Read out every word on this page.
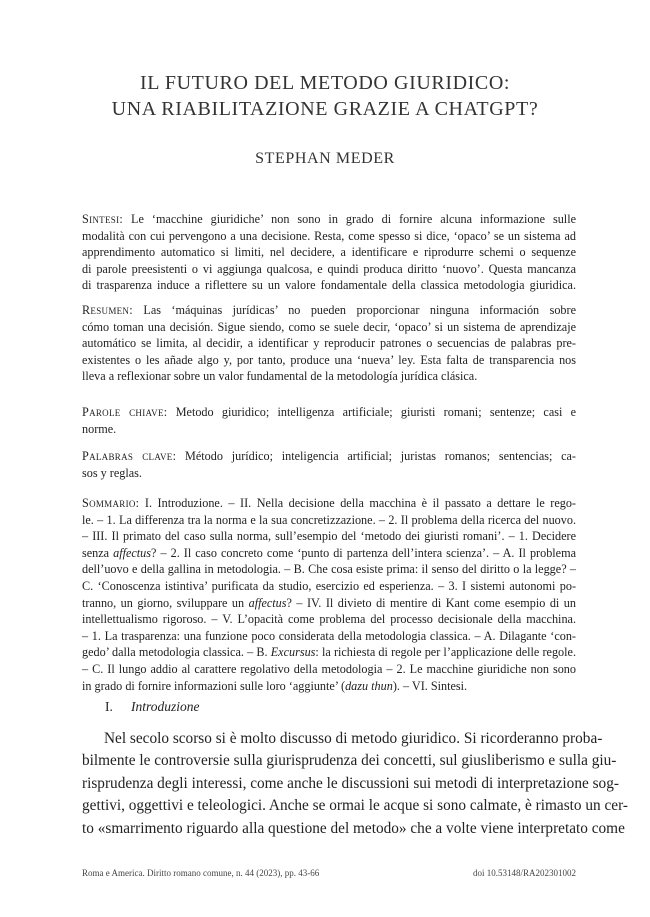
IL FUTURO DEL METODO GIURIDICO:
UNA RIABILITAZIONE GRAZIE A CHATGPT?
STEPHAN MEDER
Sintesi: Le ‘macchine giuridiche’ non sono in grado di fornire alcuna informazione sulle
modalità con cui pervengono a una decisione. Resta, come spesso si dice, ‘opaco’ se un sistema ad
apprendimento automatico si limiti, nel decidere, a identificare e riprodurre schemi o sequenze
di parole preesistenti o vi aggiunga qualcosa, e quindi produca diritto ‘nuovo’. Questa mancanza
di trasparenza induce a riflettere su un valore fondamentale della classica metodologia giuridica.
Resumen: Las ‘máquinas jurídicas’ no pueden proporcionar ninguna información sobre
cómo toman una decisión. Sigue siendo, como se suele decir, ‘opaco’ si un sistema de aprendizaje
automático se limita, al decidir, a identificar y reproducir patrones o secuencias de palabras pre-
existentes o les añade algo y, por tanto, produce una ‘nueva’ ley. Esta falta de transparencia nos
lleva a reflexionar sobre un valor fundamental de la metodología jurídica clásica.
Parole chiave: Metodo giuridico; intelligenza artificiale; giuristi romani; sentenze; casi e
norme.
Palabras clave: Método jurídico; inteligencia artificial; juristas romanos; sentencias; ca-
sos y reglas.
Sommario: I. Introduzione. – II. Nella decisione della macchina è il passato a dettare le rego-
le. – 1. La differenza tra la norma e la sua concretizzazione. – 2. Il problema della ricerca del nuovo.
– III. Il primato del caso sulla norma, sull’esempio del ‘metodo dei giuristi romani’. – 1. Decidere
senza affectus? – 2. Il caso concreto come ‘punto di partenza dell’intera scienza’. – A. Il problema
dell’uovo e della gallina in metodologia. – B. Che cosa esiste prima: il senso del diritto o la legge? –
C. ‘Conoscenza istintiva’ purificata da studio, esercizio ed esperienza. – 3. I sistemi autonomi po-
tranno, un giorno, sviluppare un affectus? – IV. Il divieto di mentire di Kant come esempio di un
intellettualismo rigoroso. – V. L’opacità come problema del processo decisionale della macchina.
– 1. La trasparenza: una funzione poco considerata della metodologia classica. – A. Dilagante ‘con-
gedo’ dalla metodologia classica. – B. Excursus: la richiesta di regole per l’applicazione delle regole.
– C. Il lungo addio al carattere regolativo della metodologia – 2. Le macchine giuridiche non sono
in grado di fornire informazioni sulle loro ‘aggiunte’ (dazu thun). – VI. Sintesi.
I. Introduzione
Nel secolo scorso si è molto discusso di metodo giuridico. Si ricorderanno proba-
bilmente le controversie sulla giurisprudenza dei concetti, sul giusliberismo e sulla giu-
risprudenza degli interessi, come anche le discussioni sui metodi di interpretazione sog-
gettivi, oggettivi e teleologici. Anche se ormai le acque si sono calmate, è rimasto un cer-
to «smarrimento riguardo alla questione del metodo» che a volte viene interpretato come
Roma e America. Diritto romano comune, n. 44 (2023), pp. 43-66	doi 10.53148/RA202301002
